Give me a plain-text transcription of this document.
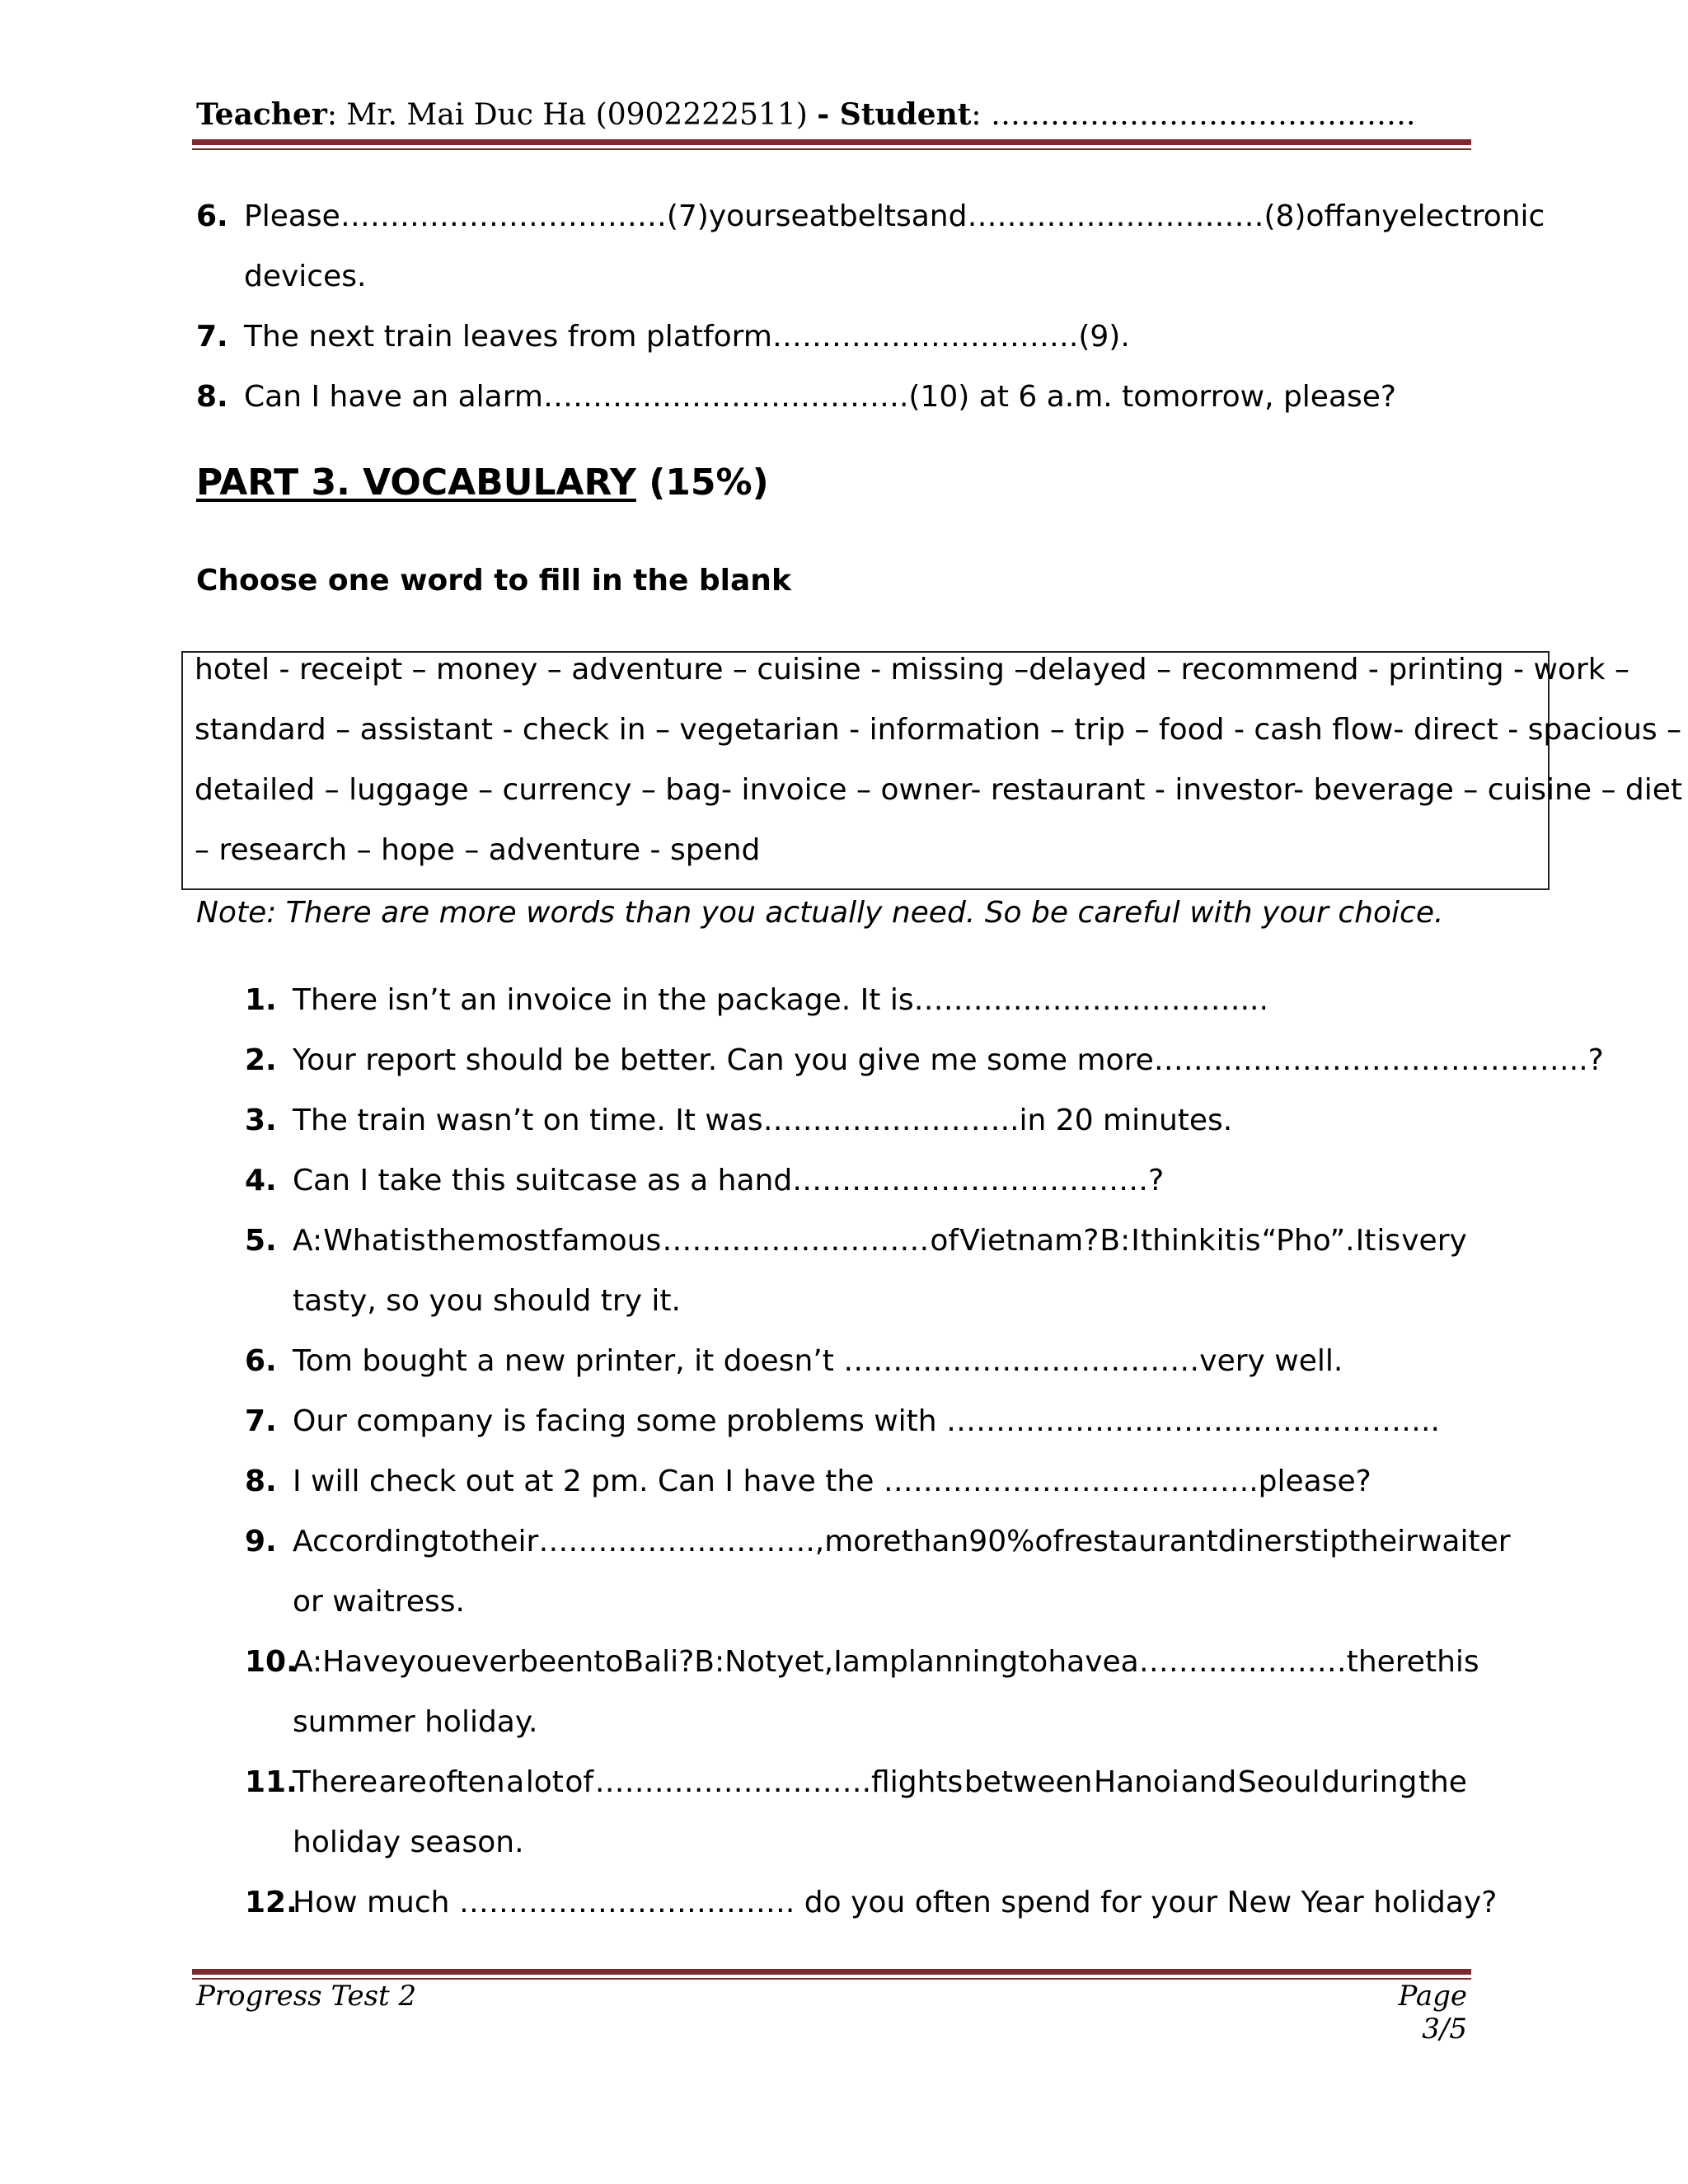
Teacher: Mr. Mai Duc Ha (0902222511) - Student: …………………………………….
6. Please…………………………… (7) your seat belts and …………………………(8) off any electronic
devices.
7. The next train leaves from platform………………………….(9).
8. Can I have an alarm……………………………….(10) at 6 a.m. tomorrow, please?
PART 3. VOCABULARY (15%)
Choose one word to fill in the blank
hotel - receipt – money – adventure – cuisine - missing –delayed – recommend - printing - work –
standard – assistant - check in – vegetarian - information – trip – food - cash flow- direct - spacious –
detailed – luggage – currency – bag- invoice – owner- restaurant - investor- beverage – cuisine – diet
– research – hope – adventure - spend
Note: There are more words than you actually need. So be careful with your choice.
1. There isn’t an invoice in the package. It is……………………………...
2. Your report should be better. Can you give me some more……………………………………..?
3. The train wasn’t on time. It was……………………..in 20 minutes.
4. Can I take this suitcase as a hand………………………………?
5. A: What is the most famous ……………………… of Vietnam? B: I think it is “Pho”. It is very
tasty, so you should try it.
6. Tom bought a new printer, it doesn’t ………………………………very well.
7. Our company is facing some problems with …………………………………………..
8. I will check out at 2 pm. Can I have the ………………………………..please?
9. According to their ………………………., more than 90% of restaurant diners tip their waiter
or waitress.
10.
A: Have you ever been to Bali? B: Not yet, I am planning to have a…………………there this
summer holiday.
11.
There are often a lot of ……………………….flights between Hanoi and Seoul during the
holiday season.
12.
How much ……………………………. do you often spend for your New Year holiday?
Progress Test 2	Page 3/5
